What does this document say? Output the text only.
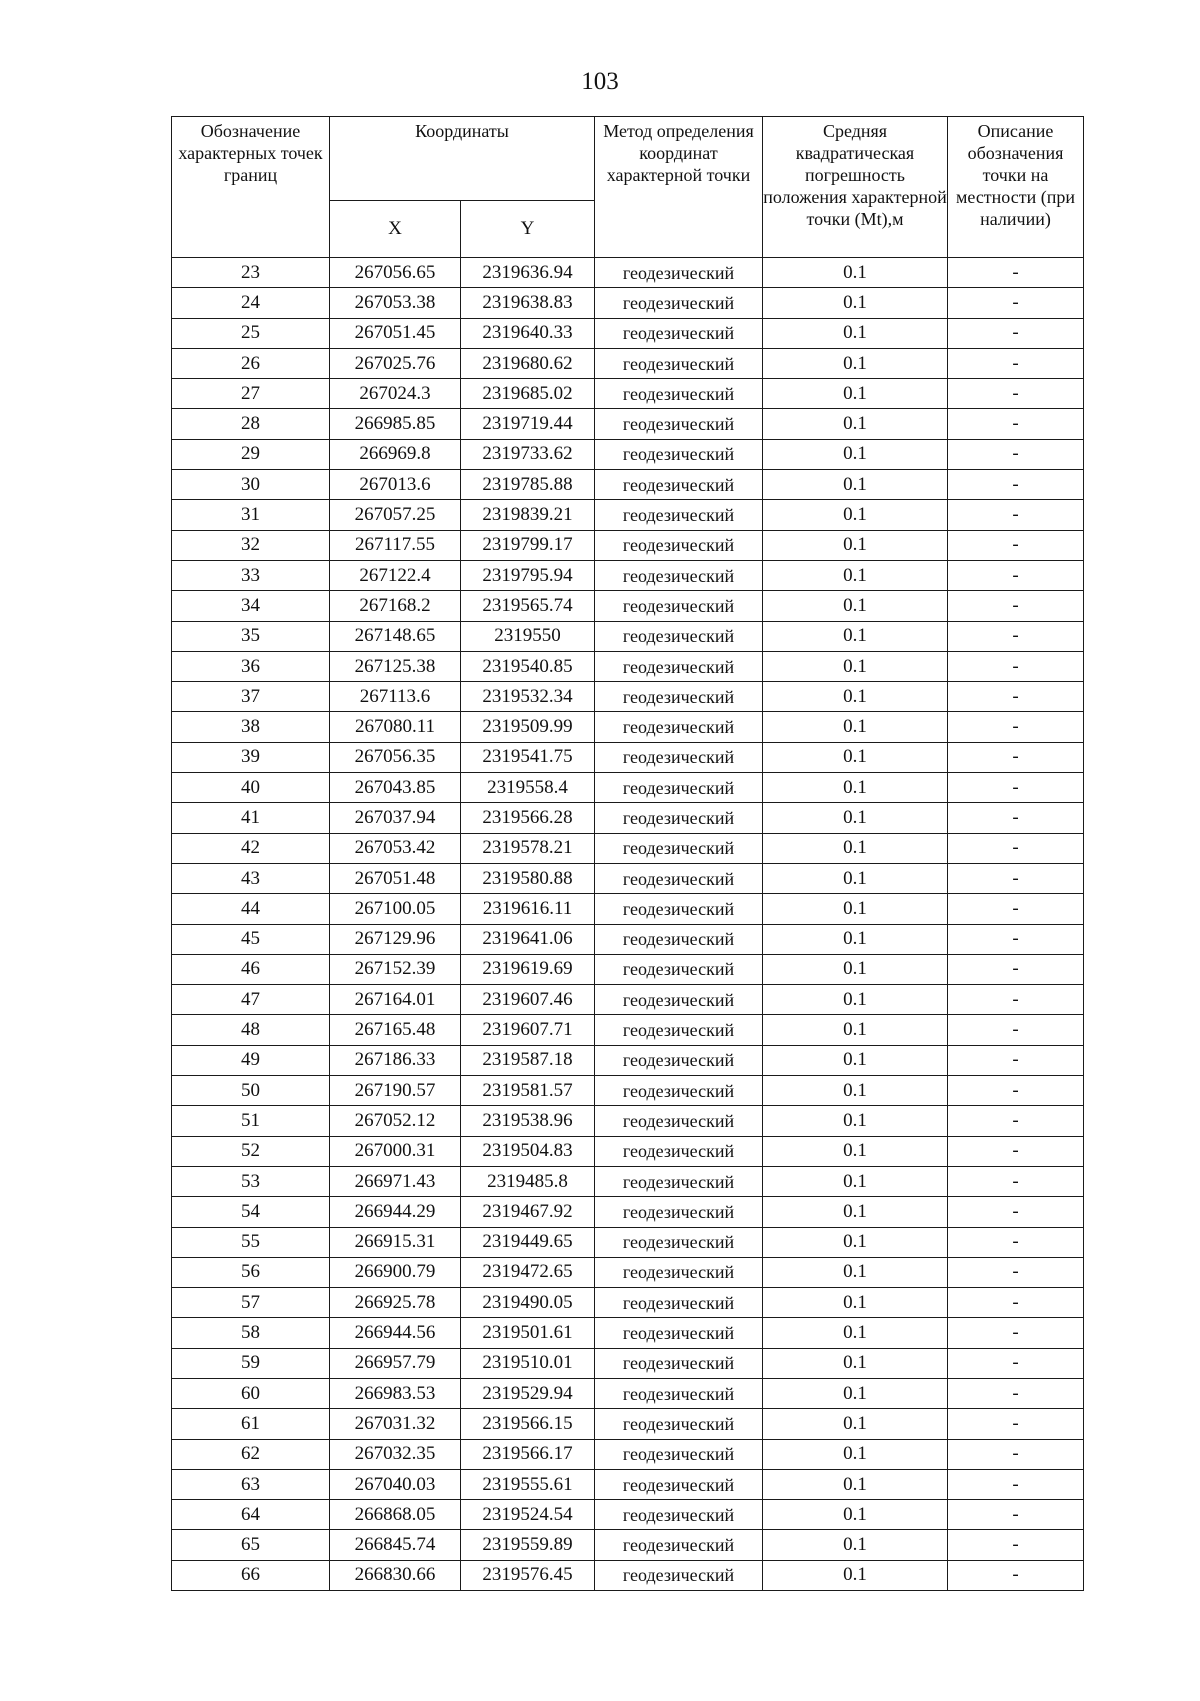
103
Обозначение характерных точек границ	Координаты		Метод определения координат характерной точки	Средняя квадратическая погрешность положения характерной точки (Mt),м	Описание обозначения точки на местности (при наличии)
	X	Y			
23	267056.65	2319636.94	геодезический	0.1	-
24	267053.38	2319638.83	геодезический	0.1	-
25	267051.45	2319640.33	геодезический	0.1	-
26	267025.76	2319680.62	геодезический	0.1	-
27	267024.3	2319685.02	геодезический	0.1	-
28	266985.85	2319719.44	геодезический	0.1	-
29	266969.8	2319733.62	геодезический	0.1	-
30	267013.6	2319785.88	геодезический	0.1	-
31	267057.25	2319839.21	геодезический	0.1	-
32	267117.55	2319799.17	геодезический	0.1	-
33	267122.4	2319795.94	геодезический	0.1	-
34	267168.2	2319565.74	геодезический	0.1	-
35	267148.65	2319550	геодезический	0.1	-
36	267125.38	2319540.85	геодезический	0.1	-
37	267113.6	2319532.34	геодезический	0.1	-
38	267080.11	2319509.99	геодезический	0.1	-
39	267056.35	2319541.75	геодезический	0.1	-
40	267043.85	2319558.4	геодезический	0.1	-
41	267037.94	2319566.28	геодезический	0.1	-
42	267053.42	2319578.21	геодезический	0.1	-
43	267051.48	2319580.88	геодезический	0.1	-
44	267100.05	2319616.11	геодезический	0.1	-
45	267129.96	2319641.06	геодезический	0.1	-
46	267152.39	2319619.69	геодезический	0.1	-
47	267164.01	2319607.46	геодезический	0.1	-
48	267165.48	2319607.71	геодезический	0.1	-
49	267186.33	2319587.18	геодезический	0.1	-
50	267190.57	2319581.57	геодезический	0.1	-
51	267052.12	2319538.96	геодезический	0.1	-
52	267000.31	2319504.83	геодезический	0.1	-
53	266971.43	2319485.8	геодезический	0.1	-
54	266944.29	2319467.92	геодезический	0.1	-
55	266915.31	2319449.65	геодезический	0.1	-
56	266900.79	2319472.65	геодезический	0.1	-
57	266925.78	2319490.05	геодезический	0.1	-
58	266944.56	2319501.61	геодезический	0.1	-
59	266957.79	2319510.01	геодезический	0.1	-
60	266983.53	2319529.94	геодезический	0.1	-
61	267031.32	2319566.15	геодезический	0.1	-
62	267032.35	2319566.17	геодезический	0.1	-
63	267040.03	2319555.61	геодезический	0.1	-
64	266868.05	2319524.54	геодезический	0.1	-
65	266845.74	2319559.89	геодезический	0.1	-
66	266830.66	2319576.45	геодезический	0.1	-
